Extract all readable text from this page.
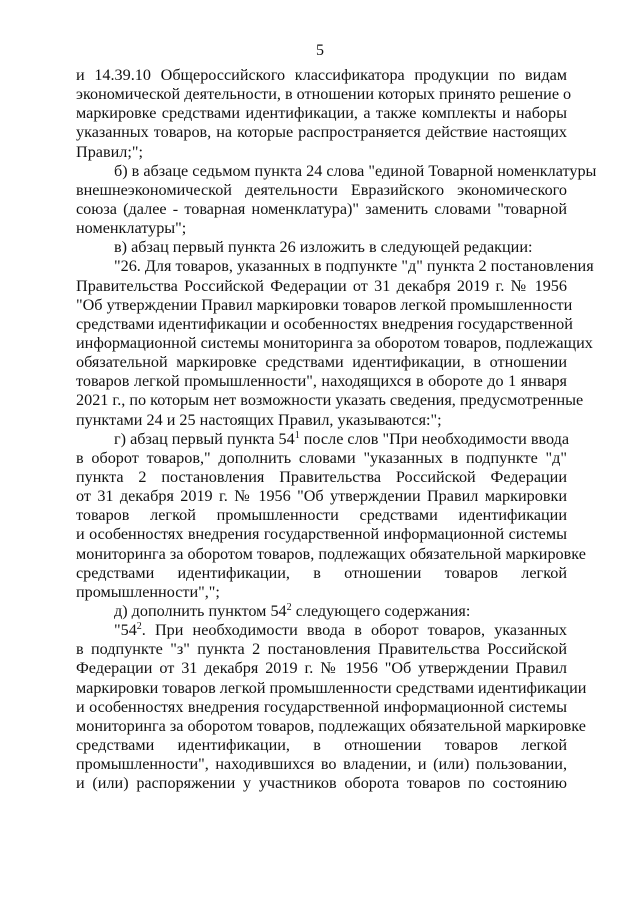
5
и 14.39.10 Общероссийского классификатора продукции по видам
экономической деятельности, в отношении которых принято решение о
маркировке средствами идентификации, а также комплекты и наборы
указанных товаров, на которые распространяется действие настоящих
Правил;";
б) в абзаце седьмом пункта 24 слова "единой Товарной номенклатуры
внешнеэкономической деятельности Евразийского экономического
союза (далее - товарная номенклатура)" заменить словами "товарной
номенклатуры";
в) абзац первый пункта 26 изложить в следующей редакции:
"26. Для товаров, указанных в подпункте "д" пункта 2 постановления
Правительства Российской Федерации от 31 декабря 2019 г. № 1956
"Об утверждении Правил маркировки товаров легкой промышленности
средствами идентификации и особенностях внедрения государственной
информационной системы мониторинга за оборотом товаров, подлежащих
обязательной маркировке средствами идентификации, в отношении
товаров легкой промышленности", находящихся в обороте до 1 января
2021 г., по которым нет возможности указать сведения, предусмотренные
пунктами 24 и 25 настоящих Правил, указываются:";
г) абзац первый пункта $54^1$ после слов "При необходимости ввода
в оборот товаров," дополнить словами "указанных в подпункте "д"
пункта 2 постановления Правительства Российской Федерации
от 31 декабря 2019 г. № 1956 "Об утверждении Правил маркировки
товаров легкой промышленности средствами идентификации
и особенностях внедрения государственной информационной системы
мониторинга за оборотом товаров, подлежащих обязательной маркировке
средствами идентификации, в отношении товаров легкой
промышленности",";
д) дополнить пунктом $54^2$ следующего содержания:
"$54^2$. При необходимости ввода в оборот товаров, указанных
в подпункте "з" пункта 2 постановления Правительства Российской
Федерации от 31 декабря 2019 г. № 1956 "Об утверждении Правил
маркировки товаров легкой промышленности средствами идентификации
и особенностях внедрения государственной информационной системы
мониторинга за оборотом товаров, подлежащих обязательной маркировке
средствами идентификации, в отношении товаров легкой
промышленности", находившихся во владении, и (или) пользовании,
и (или) распоряжении у участников оборота товаров по состоянию
